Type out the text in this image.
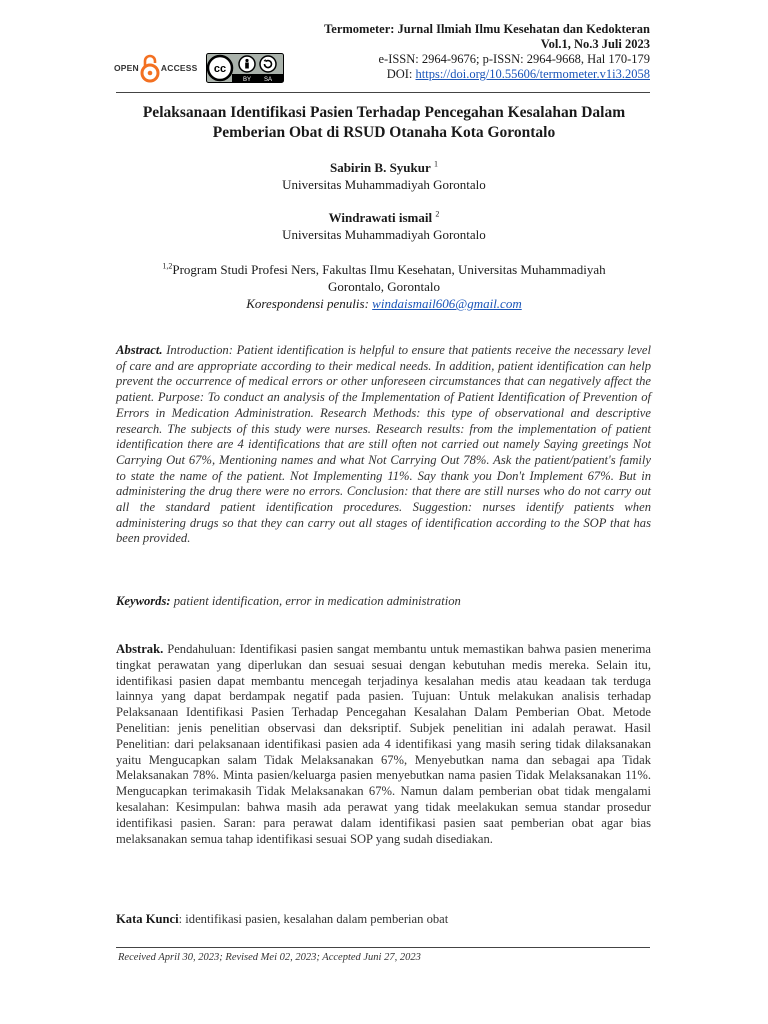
OPEN	ACCESS cc
BY SA
Termometer: Jurnal Ilmiah Ilmu Kesehatan dan Kedokteran
Vol.1, No.3 Juli 2023
e-ISSN: 2964-9676; p-ISSN: 2964-9668, Hal 170-179
DOI: https://doi.org/10.55606/termometer.v1i3.2058
Pelaksanaan Identifikasi Pasien Terhadap Pencegahan Kesalahan Dalam
Pemberian Obat di RSUD Otanaha Kota Gorontalo
Sabirin B. Syukur $^1$
Universitas Muhammadiyah Gorontalo
Windrawati ismail $^2$
Universitas Muhammadiyah Gorontalo
$^{1,2}$Program Studi Profesi Ners, Fakultas Ilmu Kesehatan, Universitas Muhammadiyah
Gorontalo, Gorontalo
Korespondensi penulis: windaismail606@gmail.com
Abstract. Introduction: Patient identification is helpful to ensure that patients receive the necessary level of care and are appropriate according to their medical needs. In addition, patient identification can help prevent the occurrence of medical errors or other unforeseen circumstances that can negatively affect the patient. Purpose: To conduct an analysis of the Implementation of Patient Identification of Prevention of Errors in Medication Administration. Research Methods: this type of observational and descriptive research. The subjects of this study were nurses. Research results: from the implementation of patient identification there are 4 identifications that are still often not carried out namely Saying greetings Not Carrying Out 67%, Mentioning names and what Not Carrying Out 78%. Ask the patient/patient's family to state the name of the patient. Not Implementing 11%. Say thank you Don't Implement 67%. But in administering the drug there were no errors. Conclusion: that there are still nurses who do not carry out all the standard patient identification procedures. Suggestion: nurses identify patients when administering drugs so that they can carry out all stages of identification according to the SOP that has been provided.
Keywords: patient identification, error in medication administration
Abstrak. Pendahuluan: Identifikasi pasien sangat membantu untuk memastikan bahwa pasien menerima tingkat perawatan yang diperlukan dan sesuai sesuai dengan kebutuhan medis mereka. Selain itu, identifikasi pasien dapat membantu mencegah terjadinya kesalahan medis atau keadaan tak terduga lainnya yang dapat berdampak negatif pada pasien. Tujuan: Untuk melakukan analisis terhadap Pelaksanaan Identifikasi Pasien Terhadap Pencegahan Kesalahan Dalam Pemberian Obat. Metode Penelitian: jenis penelitian observasi dan deksriptif. Subjek penelitian ini adalah perawat. Hasil Penelitian: dari pelaksanaan identifikasi pasien ada 4 identifikasi yang masih sering tidak dilaksanakan yaitu Mengucapkan salam Tidak Melaksanakan 67%, Menyebutkan nama dan sebagai apa Tidak Melaksanakan 78%. Minta pasien/keluarga pasien menyebutkan nama pasien Tidak Melaksanakan 11%. Mengucapkan terimakasih Tidak Melaksanakan 67%. Namun dalam pemberian obat tidak mengalami kesalahan: Kesimpulan: bahwa masih ada perawat yang tidak meelakukan semua standar prosedur identifikasi pasien. Saran: para perawat dalam identifikasi pasien saat pemberian obat agar bias melaksanakan semua tahap identifikasi sesuai SOP yang sudah disediakan.
Kata Kunci: identifikasi pasien, kesalahan dalam pemberian obat
Received April 30, 2023; Revised Mei 02, 2023; Accepted Juni 27, 2023
